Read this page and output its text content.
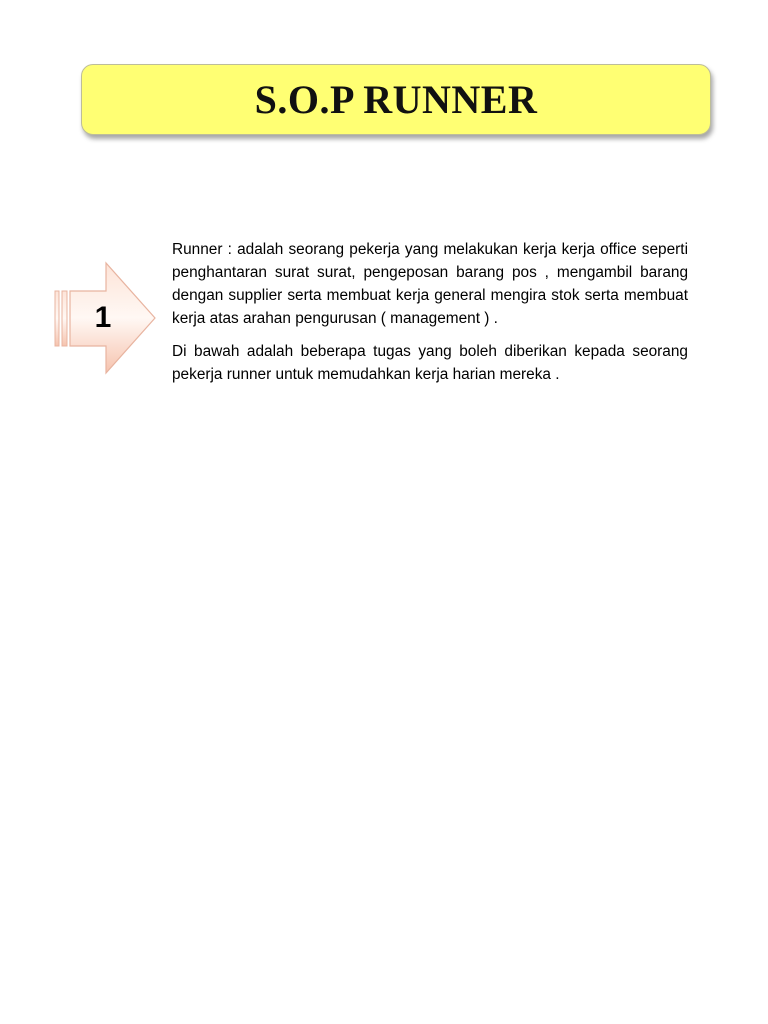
S.O.P RUNNER
1

Runner : adalah seorang pekerja yang melakukan kerja kerja office seperti penghantaran surat surat, pengeposan barang pos , mengambil barang dengan supplier serta membuat kerja general mengira stok serta membuat kerja atas arahan pengurusan ( management ) .

Di bawah adalah beberapa tugas yang boleh diberikan kepada seorang pekerja runner untuk memudahkan kerja harian mereka .
